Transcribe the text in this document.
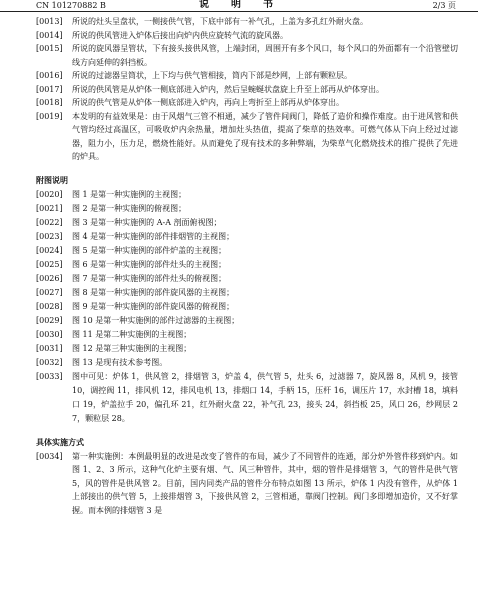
CN 101270882 B	说　明　书	2/3 页
[0013] 所说的灶头呈盘状，一侧接供气管，下底中部有一补气孔，上盖为多孔红外耐火盘。
[0014] 所说的供风管进入炉体后接出向炉内供应旋转气流的旋风器。
[0015] 所说的旋风器呈管状，下有接头接供风管，上端封闭，周围开有多个风口，每个风口的外面都有一个沿管壁切线方向延伸的斜挡板。
[0016] 所说的过滤器呈筒状，上下均与供气管相接，筒内下部是纱网，上部有颗粒层。
[0017] 所说的供风管是从炉体一侧底部进入炉内，然后呈蜿蜒状盘旋上升至上部再从炉体穿出。
[0018] 所说的供气管是从炉体一侧底部进入炉内，再向上弯折至上部再从炉体穿出。
[0019] 本发明的有益效果是：由于风烟气三管不相通，减少了管件间阀门，降低了造价和操作难度。由于进风管和供气管均经过高温区，可吸收炉内余热量，增加灶头热值，提高了柴草的热效率。可燃气体从下向上经过过滤器，阻力小，压力足，燃烧性能好。从而避免了现有技术的多种弊端，为柴草气化燃烧技术的推广提供了先进的炉具。
附图说明
[0020] 图 1 是第一种实施例的主视图；
[0021] 图 2 是第一种实施例的俯视图；
[0022] 图 3 是第一种实施例的 A-A 剖面俯视图；
[0023] 图 4 是第一种实施例的部件排烟管的主视图；
[0024] 图 5 是第一种实施例的部件炉盖的主视图；
[0025] 图 6 是第一种实施例的部件灶头的主视图；
[0026] 图 7 是第一种实施例的部件灶头的俯视图；
[0027] 图 8 是第一种实施例的部件旋风器的主视图；
[0028] 图 9 是第一种实施例的部件旋风器的俯视图；
[0029] 图 10 是第一种实施例的部件过滤器的主视图；
[0030] 图 11 是第二种实施例的主视图；
[0031] 图 12 是第三种实施例的主视图；
[0032] 图 13 是现有技术参考图。
[0033] 图中可见：炉体 1，供风管 2，排烟管 3，炉盖 4，供气管 5，灶头 6，过滤器 7，旋风器 8，风机 9，接管 10，调控阀 11，排风机 12，排风电机 13，排烟口 14，手柄 15，压杆 16，调压片 17，水封槽 18，填料口 19，炉盖拉手 20，偏孔环 21，红外耐火盘 22，补气孔 23，接头 24，斜挡板 25，风口 26，纱网层 27，颗粒层 28。
具体实施方式
[0034] 第一种实施例：本例最明显的改进是改变了管件的布局，减少了不同管件的连通，部分炉外管件移到炉内。如图 1、2、3 所示，这种气化炉主要有烟、气、风三种管件，其中，烟的管件是排烟管 3，气的管件是供气管 5，风的管件是供风管 2。目前，国内同类产品的管件分布特点如图 13 所示，炉体 1 内没有管件，从炉体 1 上部接出的供气管 5，上接排烟管 3，下接供风管 2，三管相通，靠阀门控制。阀门多即增加造价，又不好掌握。而本例的排烟管 3 是
